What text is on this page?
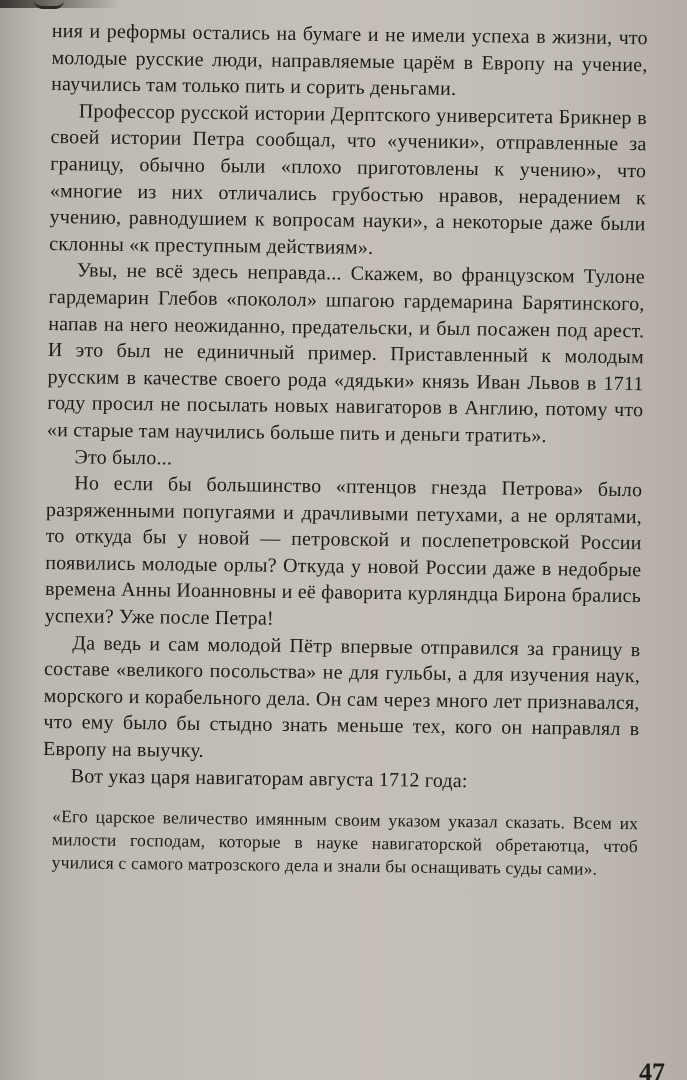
ния и реформы остались на бумаге и не имели успеха в жизни, что молодые русские люди, направляемые царём в Европу на учение, научились там только пить и сорить деньгами.

Профессор русской истории Дерптского университета Брикнер в своей истории Петра сообщал, что «ученики», отправленные за границу, обычно были «плохо приготовлены к учению», что «многие из них отличались грубостью нравов, нерадением к учению, равнодушием к вопросам науки», а некоторые даже были склонны «к преступным действиям».

Увы, не всё здесь неправда... Скажем, во французском Тулоне гардемарин Глебов «поколол» шпагою гардемарина Барятинского, напав на него неожиданно, предательски, и был посажен под арест. И это был не единичный пример. Приставленный к молодым русским в качестве своего рода «дядьки» князь Иван Львов в 1711 году просил не посылать новых навигаторов в Англию, потому что «и старые там научились больше пить и деньги тратить».

Это было...

Но если бы большинство «птенцов гнезда Петрова» было разряженными попугаями и драчливыми петухами, а не орлятами, то откуда бы у новой — петровской и послепетровской России появились молодые орлы? Откуда у новой России даже в недобрые времена Анны Иоанновны и её фаворита курляндца Бирона брались успехи? Уже после Петра!

Да ведь и сам молодой Пётр впервые отправился за границу в составе «великого посольства» не для гульбы, а для изучения наук, морского и корабельного дела. Он сам через много лет признавался, что ему было бы стыдно знать меньше тех, кого он направлял в Европу на выучку.

Вот указ царя навигаторам августа 1712 года:

«Его царское величество имянным своим указом указал сказать. Всем их милости господам, которые в науке навигаторской обретаютца, чтоб училися с самого матрозского дела и знали бы оснащивать суды сами».

47
